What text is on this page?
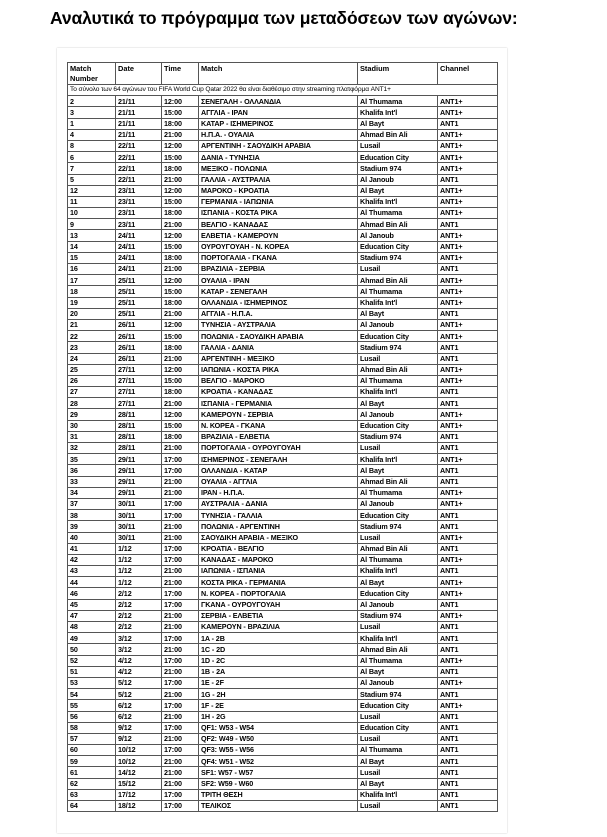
Αναλυτικά το πρόγραμμα των μεταδόσεων των αγώνων:
Match Number	Date	Time	Match	Stadium	Channel
Το σύνολο των 64 αγώνων του FIFA World Cup Qatar 2022 θα είναι διαθέσιμο στην streaming πλατφόρμα ANT1+					
2	21/11	12:00	ΣΕΝΕΓΑΛΗ - ΟΛΛΑΝΔΙΑ	Al Thumama	ANT1+
3	21/11	15:00	ΑΓΓΛΙΑ - ΙΡΑΝ	Khalifa Int'l	ANT1+
1	21/11	18:00	ΚΑΤΑΡ - ΙΣΗΜΕΡΙΝΟΣ	Al Bayt	ANT1
4	21/11	21:00	Η.Π.Α. - ΟΥΑΛΙΑ	Ahmad Bin Ali	ANT1+
8	22/11	12:00	ΑΡΓΕΝΤΙΝΗ - ΣΑΟΥΔΙΚΗ ΑΡΑΒΙΑ	Lusail	ANT1+
6	22/11	15:00	ΔΑΝΙΑ - ΤΥΝΗΣΙΑ	Education City	ANT1+
7	22/11	18:00	ΜΕΞΙΚΟ - ΠΟΛΩΝΙΑ	Stadium 974	ANT1+
5	22/11	21:00	ΓΑΛΛΙΑ - ΑΥΣΤΡΑΛΙΑ	Al Janoub	ANT1
12	23/11	12:00	ΜΑΡΟΚΟ - ΚΡΟΑΤΙΑ	Al Bayt	ANT1+
11	23/11	15:00	ΓΕΡΜΑΝΙΑ - ΙΑΠΩΝΙΑ	Khalifa Int'l	ANT1+
10	23/11	18:00	ΙΣΠΑΝΙΑ - ΚΟΣΤΑ ΡΙΚΑ	Al Thumama	ANT1+
9	23/11	21:00	ΒΕΛΓΙΟ - ΚΑΝΑΔΑΣ	Ahmad Bin Ali	ANT1
13	24/11	12:00	ΕΛΒΕΤΙΑ - ΚΑΜΕΡΟΥΝ	Al Janoub	ANT1+
14	24/11	15:00	ΟΥΡΟΥΓΟΥΑΗ - Ν. ΚΟΡΕΑ	Education City	ANT1+
15	24/11	18:00	ΠΟΡΤΟΓΑΛΙΑ - ΓΚΑΝΑ	Stadium 974	ANT1+
16	24/11	21:00	ΒΡΑΖΙΛΙΑ - ΣΕΡΒΙΑ	Lusail	ANT1
17	25/11	12:00	ΟΥΑΛΙΑ - ΙΡΑΝ	Ahmad Bin Ali	ANT1+
18	25/11	15:00	ΚΑΤΑΡ - ΣΕΝΕΓΑΛΗ	Al Thumama	ANT1+
19	25/11	18:00	ΟΛΛΑΝΔΙΑ - ΙΣΗΜΕΡΙΝΟΣ	Khalifa Int'l	ANT1+
20	25/11	21:00	ΑΓΓΛΙΑ - Η.Π.Α.	Al Bayt	ANT1
21	26/11	12:00	ΤΥΝΗΣΙΑ - ΑΥΣΤΡΑΛΙΑ	Al Janoub	ANT1+
22	26/11	15:00	ΠΟΛΩΝΙΑ - ΣΑΟΥΔΙΚΗ ΑΡΑΒΙΑ	Education City	ANT1+
23	26/11	18:00	ΓΑΛΛΙΑ - ΔΑΝΙΑ	Stadium 974	ANT1
24	26/11	21:00	ΑΡΓΕΝΤΙΝΗ - ΜΕΞΙΚΟ	Lusail	ANT1
25	27/11	12:00	ΙΑΠΩΝΙΑ - ΚΟΣΤΑ ΡΙΚΑ	Ahmad Bin Ali	ANT1+
26	27/11	15:00	ΒΕΛΓΙΟ - ΜΑΡΟΚΟ	Al Thumama	ANT1+
27	27/11	18:00	ΚΡΟΑΤΙΑ - ΚΑΝΑΔΑΣ	Khalifa Int'l	ANT1
28	27/11	21:00	ΙΣΠΑΝΙΑ - ΓΕΡΜΑΝΙΑ	Al Bayt	ANT1
29	28/11	12:00	ΚΑΜΕΡΟΥΝ - ΣΕΡΒΙΑ	Al Janoub	ANT1+
30	28/11	15:00	Ν. ΚΟΡΕΑ - ΓΚΑΝΑ	Education City	ANT1+
31	28/11	18:00	ΒΡΑΖΙΛΙΑ - ΕΛΒΕΤΙΑ	Stadium 974	ANT1
32	28/11	21:00	ΠΟΡΤΟΓΑΛΙΑ - ΟΥΡΟΥΓΟΥΑΗ	Lusail	ANT1
35	29/11	17:00	ΙΣΗΜΕΡΙΝΟΣ - ΣΕΝΕΓΑΛΗ	Khalifa Int'l	ANT1+
36	29/11	17:00	ΟΛΛΑΝΔΙΑ - ΚΑΤΑΡ	Al Bayt	ANT1
33	29/11	21:00	ΟΥΑΛΙΑ - ΑΓΓΛΙΑ	Ahmad Bin Ali	ANT1
34	29/11	21:00	ΙΡΑΝ - Η.Π.Α.	Al Thumama	ANT1+
37	30/11	17:00	ΑΥΣΤΡΑΛΙΑ - ΔΑΝΙΑ	Al Janoub	ANT1+
38	30/11	17:00	ΤΥΝΗΣΙΑ - ΓΑΛΛΙΑ	Education City	ANT1
39	30/11	21:00	ΠΟΛΩΝΙΑ - ΑΡΓΕΝΤΙΝΗ	Stadium 974	ANT1
40	30/11	21:00	ΣΑΟΥΔΙΚΗ ΑΡΑΒΙΑ - ΜΕΞΙΚΟ	Lusail	ANT1+
41	1/12	17:00	ΚΡΟΑΤΙΑ - ΒΕΛΓΙΟ	Ahmad Bin Ali	ANT1
42	1/12	17:00	ΚΑΝΑΔΑΣ - ΜΑΡΟΚΟ	Al Thumama	ANT1+
43	1/12	21:00	ΙΑΠΩΝΙΑ - ΙΣΠΑΝΙΑ	Khalifa Int'l	ANT1
44	1/12	21:00	ΚΟΣΤΑ ΡΙΚΑ - ΓΕΡΜΑΝΙΑ	Al Bayt	ANT1+
46	2/12	17:00	Ν. ΚΟΡΕΑ - ΠΟΡΤΟΓΑΛΙΑ	Education City	ANT1+
45	2/12	17:00	ΓΚΑΝΑ - ΟΥΡΟΥΓΟΥΑΗ	Al Janoub	ANT1
47	2/12	21:00	ΣΕΡΒΙΑ - ΕΛΒΕΤΙΑ	Stadium 974	ANT1+
48	2/12	21:00	ΚΑΜΕΡΟΥΝ - ΒΡΑΖΙΛΙΑ	Lusail	ANT1
49	3/12	17:00	1A - 2B	Khalifa Int'l	ANT1
50	3/12	21:00	1C - 2D	Ahmad Bin Ali	ANT1
52	4/12	17:00	1D - 2C	Al Thumama	ANT1+
51	4/12	21:00	1B - 2A	Al Bayt	ANT1
53	5/12	17:00	1E - 2F	Al Janoub	ANT1+
54	5/12	21:00	1G - 2H	Stadium 974	ANT1
55	6/12	17:00	1F - 2E	Education City	ANT1+
56	6/12	21:00	1H - 2G	Lusail	ANT1
58	9/12	17:00	QF1: W53 - W54	Education City	ANT1
57	9/12	21:00	QF2: W49 - W50	Lusail	ANT1
60	10/12	17:00	QF3: W55 - W56	Al Thumama	ANT1
59	10/12	21:00	QF4: W51 - W52	Al Bayt	ANT1
61	14/12	21:00	SF1: W57 - W57	Lusail	ANT1
62	15/12	21:00	SF2: W59 - W60	Al Bayt	ANT1
63	17/12	17:00	ΤΡΙΤΗ ΘΕΣΗ	Khalifa Int'l	ANT1
64	18/12	17:00	ΤΕΛΙΚΟΣ	Lusail	ANT1
